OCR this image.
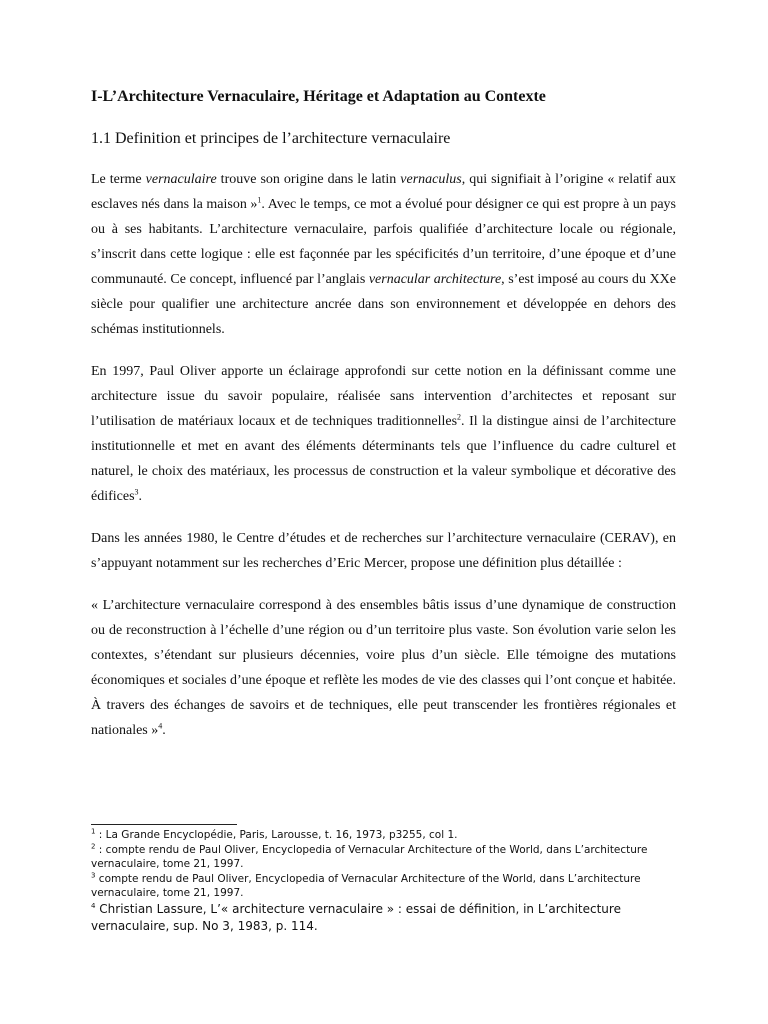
I-L’Architecture Vernaculaire, Héritage et Adaptation au Contexte
1.1 Definition et principes de l’architecture vernaculaire

Le terme vernaculaire trouve son origine dans le latin vernaculus, qui signifiait à l’origine « relatif aux esclaves nés dans la maison »$^1$. Avec le temps, ce mot a évolué pour désigner ce qui est propre à un pays ou à ses habitants. L’architecture vernaculaire, parfois qualifiée d’architecture locale ou régionale, s’inscrit dans cette logique : elle est façonnée par les spécificités d’un territoire, d’une époque et d’une communauté. Ce concept, influencé par l’anglais vernacular architecture, s’est imposé au cours du XXe siècle pour qualifier une architecture ancrée dans son environnement et développée en dehors des schémas institutionnels.

En 1997, Paul Oliver apporte un éclairage approfondi sur cette notion en la définissant comme une architecture issue du savoir populaire, réalisée sans intervention d’architectes et reposant sur l’utilisation de matériaux locaux et de techniques traditionnelles$^2$. Il la distingue ainsi de l’architecture institutionnelle et met en avant des éléments déterminants tels que l’influence du cadre culturel et naturel, le choix des matériaux, les processus de construction et la valeur symbolique et décorative des édifices$^3$.

Dans les années 1980, le Centre d’études et de recherches sur l’architecture vernaculaire (CERAV), en s’appuyant notamment sur les recherches d’Eric Mercer, propose une définition plus détaillée :

« L’architecture vernaculaire correspond à des ensembles bâtis issus d’une dynamique de construction ou de reconstruction à l’échelle d’une région ou d’un territoire plus vaste. Son évolution varie selon les contextes, s’étendant sur plusieurs décennies, voire plus d’un siècle. Elle témoigne des mutations économiques et sociales d’une époque et reflète les modes de vie des classes qui l’ont conçue et habitée. À travers des échanges de savoirs et de techniques, elle peut transcender les frontières régionales et nationales »$^4$.

$^1$ : La Grande Encyclopédie, Paris, Larousse, t. 16, 1973, p3255, col 1.

$^2$ : compte rendu de Paul Oliver, Encyclopedia of Vernacular Architecture of the World, dans L’architecture vernaculaire, tome 21, 1997.

$^3$ compte rendu de Paul Oliver, Encyclopedia of Vernacular Architecture of the World, dans L’architecture vernaculaire, tome 21, 1997.

$^4$ Christian Lassure, L’« architecture vernaculaire » : essai de définition, in L’architecture vernaculaire, sup. No 3, 1983, p. 114.
